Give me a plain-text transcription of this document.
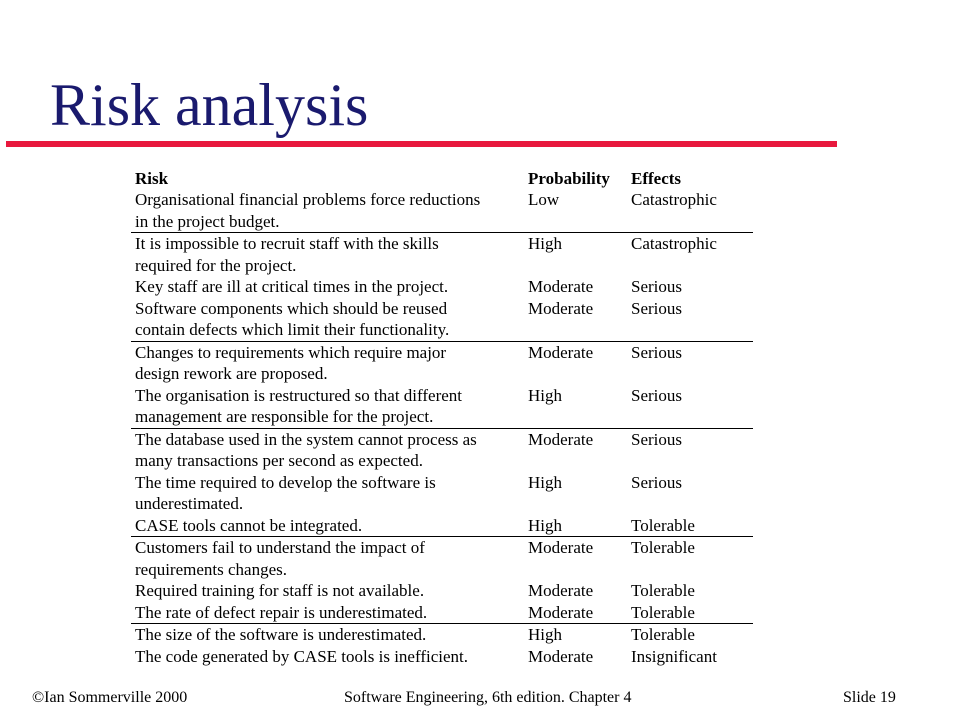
Risk analysis
Risk	Probability	Effects
Organisational financial problems force reductions
in the project budget.
Low	Catastrophic
It is impossible to recruit staff with the skills
required for the project.
High	Catastrophic
Key staff are ill at critical times in the project.	Moderate	Serious
Software components which should be reused
contain defects which limit their functionality.
Moderate	Serious
Changes to requirements which require major
design rework are proposed.
Moderate	Serious
The organisation is restructured so that different
management are responsible for the project.
High	Serious
The database used in the system cannot process as
many transactions per second as expected.
Moderate	Serious
The time required to develop the software is
underestimated.
High	Serious
CASE tools cannot be integrated.	High	Tolerable
Customers fail to understand the impact of
requirements changes.
Moderate	Tolerable
Required training for staff is not available.	Moderate	Tolerable
The rate of defect repair is underestimated.	Moderate	Tolerable
The size of the software is underestimated.	High	Tolerable
The code generated by CASE tools is inefficient.	Moderate	Insignificant
©Ian Sommerville 2000	Software Engineering, 6th edition. Chapter 4	Slide 19
